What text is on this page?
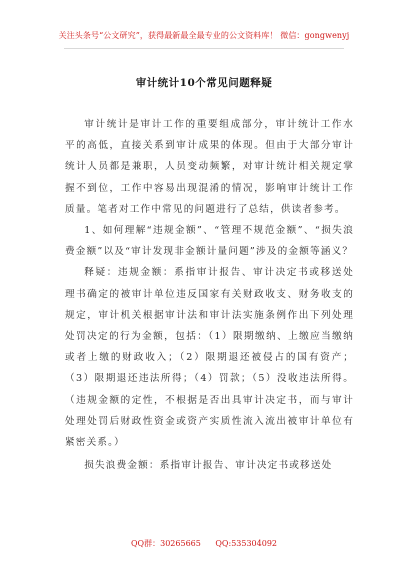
关注头条号“公文研究”，获得最新最全最专业的公文资料库！ 微信：gongwenyj
审计统计10个常见问题释疑

审计统计是审计工作的重要组成部分，审计统计工作水平的高低，直接关系到审计成果的体现。但由于大部分审计统计人员都是兼职，人员变动频繁，对审计统计相关规定掌握不到位，工作中容易出现混淆的情况，影响审计统计工作质量。笔者对工作中常见的问题进行了总结，供读者参考。

1、如何理解“违规金额”、“管理不规范金额”、“损失浪费金额”以及“审计发现非金额计量问题”涉及的金额等涵义？

释疑：违规金额：系指审计报告、审计决定书或移送处理书确定的被审计单位违反国家有关财政收支、财务收支的规定，审计机关根据审计法和审计法实施条例作出下列处理处罚决定的行为金额，包括：（1）限期缴纳、上缴应当缴纳或者上缴的财政收入；（2）限期退还被侵占的国有资产；（3）限期退还违法所得；（4）罚款；（5）没收违法所得。（违规金额的定性，不根据是否出具审计决定书，而与审计处理处罚后财政性资金或资产实质性流入流出被审计单位有紧密关系。）

损失浪费金额：系指审计报告、审计决定书或移送处

QQ群：30265665 QQ:535304092
